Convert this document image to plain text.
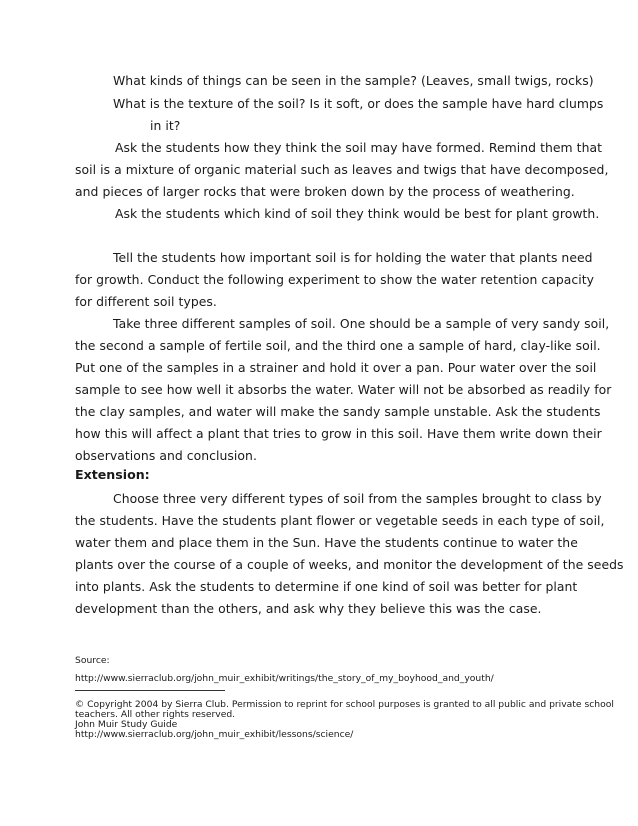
What kinds of things can be seen in the sample? (Leaves, small twigs, rocks)
What is the texture of the soil? Is it soft, or does the sample have hard clumps
in it?
Ask the students how they think the soil may have formed. Remind them that
soil is a mixture of organic material such as leaves and twigs that have decomposed,
and pieces of larger rocks that were broken down by the process of weathering.
Ask the students which kind of soil they think would be best for plant growth.
Tell the students how important soil is for holding the water that plants need
for growth. Conduct the following experiment to show the water retention capacity
for different soil types.
Take three different samples of soil. One should be a sample of very sandy soil,
the second a sample of fertile soil, and the third one a sample of hard, clay-like soil.
Put one of the samples in a strainer and hold it over a pan. Pour water over the soil
sample to see how well it absorbs the water. Water will not be absorbed as readily for
the clay samples, and water will make the sandy sample unstable. Ask the students
how this will affect a plant that tries to grow in this soil. Have them write down their
observations and conclusion.
Extension:
Choose three very different types of soil from the samples brought to class by
the students. Have the students plant flower or vegetable seeds in each type of soil,
water them and place them in the Sun. Have the students continue to water the
plants over the course of a couple of weeks, and monitor the development of the seeds
into plants. Ask the students to determine if one kind of soil was better for plant
development than the others, and ask why they believe this was the case.
Source:
http://www.sierraclub.org/john_muir_exhibit/writings/the_story_of_my_boyhood_and_youth/
© Copyright 2004 by Sierra Club. Permission to reprint for school purposes is granted to all public and private school
teachers. All other rights reserved.
John Muir Study Guide
http://www.sierraclub.org/john_muir_exhibit/lessons/science/
